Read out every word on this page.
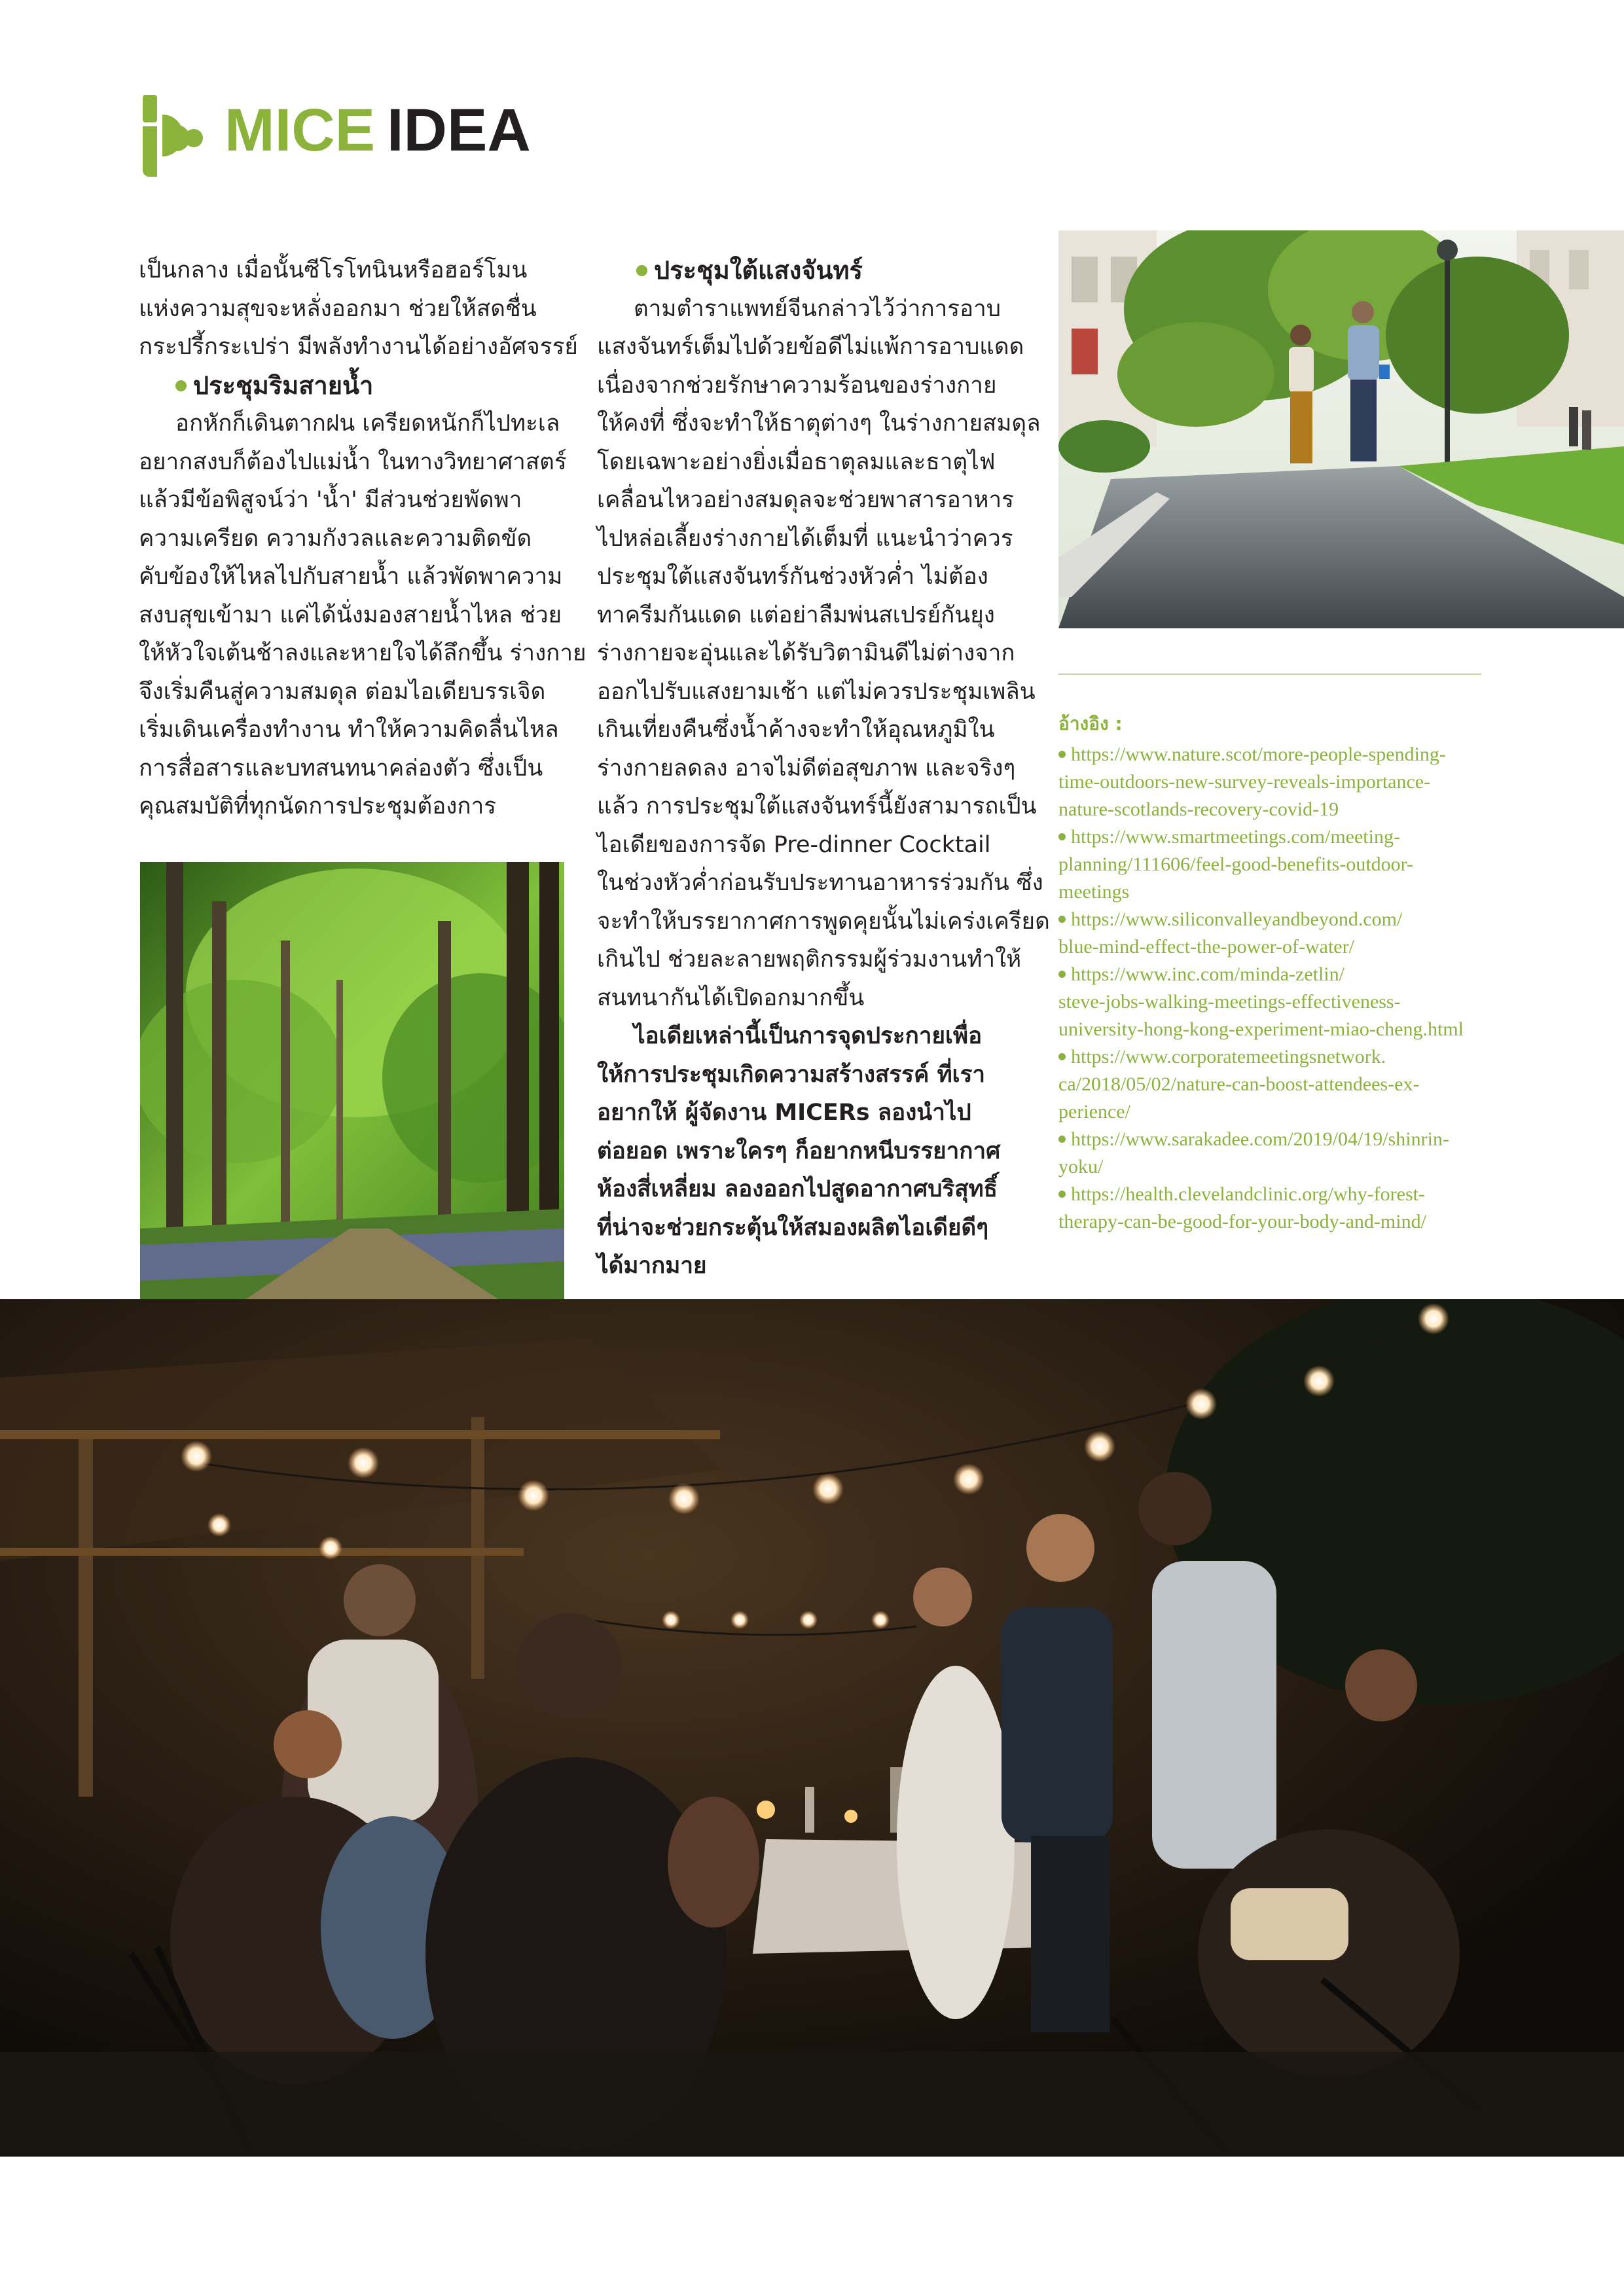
MICE IDEA
เป็นกลาง เมื่อนั้นซีโรโทนินหรือฮอร์โมน
แห่งความสุขจะหลั่งออกมา ช่วยให้สดชื่น
กระปรี้กระเปร่า มีพลังทำงานได้อย่างอัศจรรย์
ประชุมริมสายน้ำ
อกหักก็เดินตากฝน เครียดหนักก็ไปทะเล
อยากสงบก็ต้องไปแม่น้ำ ในทางวิทยาศาสตร์
แล้วมีข้อพิสูจน์ว่า 'น้ำ' มีส่วนช่วยพัดพา
ความเครียด ความกังวลและความติดขัด
คับข้องให้ไหลไปกับสายน้ำ แล้วพัดพาความ
สงบสุขเข้ามา แค่ได้นั่งมองสายน้ำไหล ช่วย
ให้หัวใจเต้นช้าลงและหายใจได้ลึกขึ้น ร่างกาย
จึงเริ่มคืนสู่ความสมดุล ต่อมไอเดียบรรเจิด
เริ่มเดินเครื่องทำงาน ทำให้ความคิดลื่นไหล
การสื่อสารและบทสนทนาคล่องตัว ซึ่งเป็น
คุณสมบัติที่ทุกนัดการประชุมต้องการ
ประชุมใต้แสงจันทร์
ตามตำราแพทย์จีนกล่าวไว้ว่าการอาบ
แสงจันทร์เต็มไปด้วยข้อดีไม่แพ้การอาบแดด
เนื่องจากช่วยรักษาความร้อนของร่างกาย
ให้คงที่ ซึ่งจะทำให้ธาตุต่างๆ ในร่างกายสมดุล
โดยเฉพาะอย่างยิ่งเมื่อธาตุลมและธาตุไฟ
เคลื่อนไหวอย่างสมดุลจะช่วยพาสารอาหาร
ไปหล่อเลี้ยงร่างกายได้เต็มที่ แนะนำว่าควร
ประชุมใต้แสงจันทร์กันช่วงหัวค่ำ ไม่ต้อง
ทาครีมกันแดด แต่อย่าลืมพ่นสเปรย์กันยุง
ร่างกายจะอุ่นและได้รับวิตามินดีไม่ต่างจาก
ออกไปรับแสงยามเช้า แต่ไม่ควรประชุมเพลิน
เกินเที่ยงคืนซึ่งน้ำค้างจะทำให้อุณหภูมิใน
ร่างกายลดลง อาจไม่ดีต่อสุขภาพ และจริงๆ
แล้ว การประชุมใต้แสงจันทร์นี้ยังสามารถเป็น
ไอเดียของการจัด Pre-dinner Cocktail
ในช่วงหัวค่ำก่อนรับประทานอาหารร่วมกัน ซึ่ง
จะทำให้บรรยากาศการพูดคุยนั้นไม่เคร่งเครียด
เกินไป ช่วยละลายพฤติกรรมผู้ร่วมงานทำให้
สนทนากันได้เปิดอกมากขึ้น
ไอเดียเหล่านี้เป็นการจุดประกายเพื่อ
ให้การประชุมเกิดความสร้างสรรค์ ที่เรา
อยากให้ ผู้จัดงาน MICERs ลองนำไป
ต่อยอด เพราะใครๆ ก็อยากหนีบรรยากาศ
ห้องสี่เหลี่ยม ลองออกไปสูดอากาศบริสุทธิ์
ที่น่าจะช่วยกระตุ้นให้สมองผลิตไอเดียดีๆ
ได้มากมาย
อ้างอิง :
https://www.nature.scot/more-people-spending-
time-outdoors-new-survey-reveals-importance-
nature-scotlands-recovery-covid-19
https://www.smartmeetings.com/meeting-
planning/111606/feel-good-benefits-outdoor-
meetings
https://www.siliconvalleyandbeyond.com/
blue-mind-effect-the-power-of-water/
https://www.inc.com/minda-zetlin/
steve-jobs-walking-meetings-effectiveness-
university-hong-kong-experiment-miao-cheng.html
https://www.corporatemeetingsnetwork.
ca/2018/05/02/nature-can-boost-attendees-ex-
perience/
https://www.sarakadee.com/2019/04/19/shinrin-
yoku/
https://health.clevelandclinic.org/why-forest-
therapy-can-be-good-for-your-body-and-mind/
